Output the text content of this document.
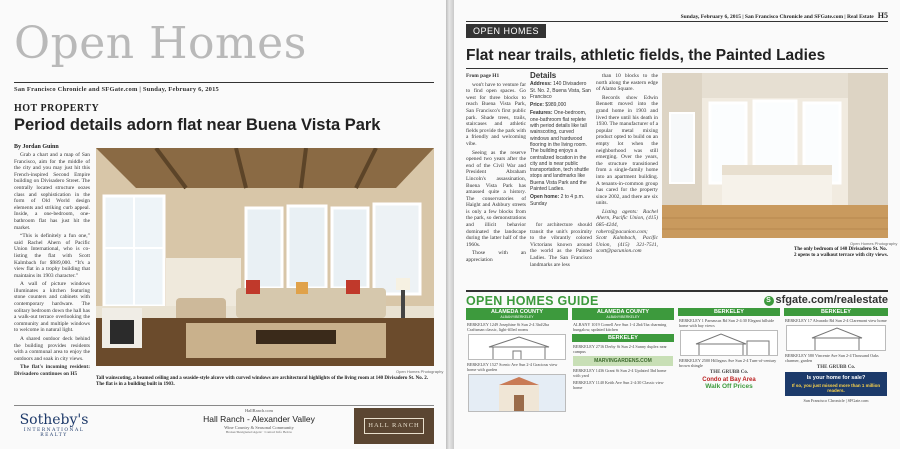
Open Homes
San Francisco Chronicle and SFGate.com | Sunday, February 6, 2015
HOT PROPERTY
Period details adorn flat near Buena Vista Park
By Jordan Guinn

Grab a chart and a map of San Francisco, aim for the middle of the city and you may just hit this French-inspired Second Empire building on Divisadero Street. The centrally located structure oozes class and sophistication in the form of Old World design elements and striking curb appeal. Inside, a one-bedroom, one-bathroom flat has just hit the market.

“This is definitely a fun one,” said Rachel Ahern of Pacific Union International, who is co-listing the flat with Scott Kalmbach for $989,000. “It's a view flat in a trophy building that maintains its 1903 character.”

A wall of picture windows illuminates a kitchen featuring stone counters and cabinets with contemporary hardware. The solitary bedroom down the hall has a walk-out terrace overlooking the community and multiple windows to welcome in natural light.

A shared outdoor deck behind the building provides residents with a communal area to enjoy the outdoors and soak in city views.

The flat's incoming resident: Divisadero continues on H5	Open Homes Photography
Tall wainscoting, a beamed ceiling and a seaside-style alcove with curved windows are architectural highlights of the living room at 140 Divisadero St. No. 2. The flat is in a building built in 1903.
Sotheby's
INTERNATIONAL REALTY
HallRanch.com
Hall Ranch - Alexander Valley
Wine Country & Seasonal Community
Broker/Designated Agent · Contact Info Below
HALL RANCH
Sunday, February 6, 2015 | San Francisco Chronicle and SFGate.com | Real Estate H5
OPEN HOMES
Flat near trails, athletic fields, the Painted Ladies

From page H1

won't have to venture far to find open spaces. Go west for three blocks to reach Buena Vista Park, San Francisco's first public park. Shade trees, trails, staircases and athletic fields provide the park with a friendly and welcoming vibe.

Seeing as the reserve opened two years after the end of the Civil War and President Abraham Lincoln's assassination, Buena Vista Park has amassed quite a history. The conservatories of Haight and Ashbury streets is only a few blocks from the park, so demonstrations and illicit behavior dominated the landscape during the latter half of the 1960s.

Those with an appreciation

Details
Address: 140 Divisadero St. No. 2, Buena Vista, San Francisco
Price: $989,000
Features: One-bedroom, one-bathroom flat replete with period details like tall wainscoting, curved windows and hardwood flooring in the living room. The building enjoys a centralized location in the city and is near public transportation, tech shuttle stops and landmarks like Buena Vista Park and the Painted Ladies.
Open home: 2 to 4 p.m. Sunday

for architecture should transit the unit's proximity to the vibrantly colored Victorians known around the world as the Painted Ladies. The San Francisco landmarks are less

than 10 blocks to the north along the eastern edge of Alamo Square.

Records show Edwin Bennett moved into the grand home in 1903 and lived there until his death in 1930. The manufacturer of a popular metal mixing product opted to build on an empty lot when the neighborhood was still emerging. Over the years, the structure transitioned from a single-family home into an apartment building. A tenants-in-common group has cared for the property since 2002, and there are six units.

Listing agents: Rachel Ahern, Pacific Union, (415) 685-4244, rahern@pacunion.com; Scott Kalmbach, Pacific Union, (415) 321-7511, scott@pacunion.com

Open Homes Photography
The only bedroom of 140 Divisadero St. No. 2 opens to a walkout terrace with city views.
OPEN HOMES GUIDE	S sfgate.com/realestate
ALAMEDA COUNTY
ALBANY/BERKELEY
BERKELEY 1249 Josephine St Sun 2-4 3bd/2ba Craftsman classic, light-filled rooms
BERKELEY 1527 Scenic Ave Sun 2-4 Gracious view home with garden
ALAMEDA COUNTY
ALBANY/BERKELEY
ALBANY 1019 Cornell Ave Sun 1-4 2bd/1ba charming bungalow, updated kitchen
BERKELEY
BERKELEY 2716 Derby St Sun 2-4 Sunny duplex near campus
MARVINGARDENS.COM
BERKELEY 1436 Grant St Sun 2-4 Updated 3bd home with yard
BERKELEY 1140 Keith Ave Sun 2-4:30 Classic view home
BERKELEY
BERKELEY 1 Parnassus Rd Sun 2-4:30 Elegant hillside home with bay views
BERKELEY 2500 Hillegass Ave Sun 2-4 Turn-of-century brown shingle
THE GRUBB Co.
Condo at Bay Area
Walk Off Prices
BERKELEY
BERKELEY 17 Alvarado Rd Sun 2-4 Claremont view home
BERKELEY 580 Vincente Ave Sun 2-4 Thousand Oaks charmer, garden
THE GRUBB Co.
Is your home for sale?
If so, you just missed more than 1 million readers.
San Francisco Chronicle | SFGate.com
